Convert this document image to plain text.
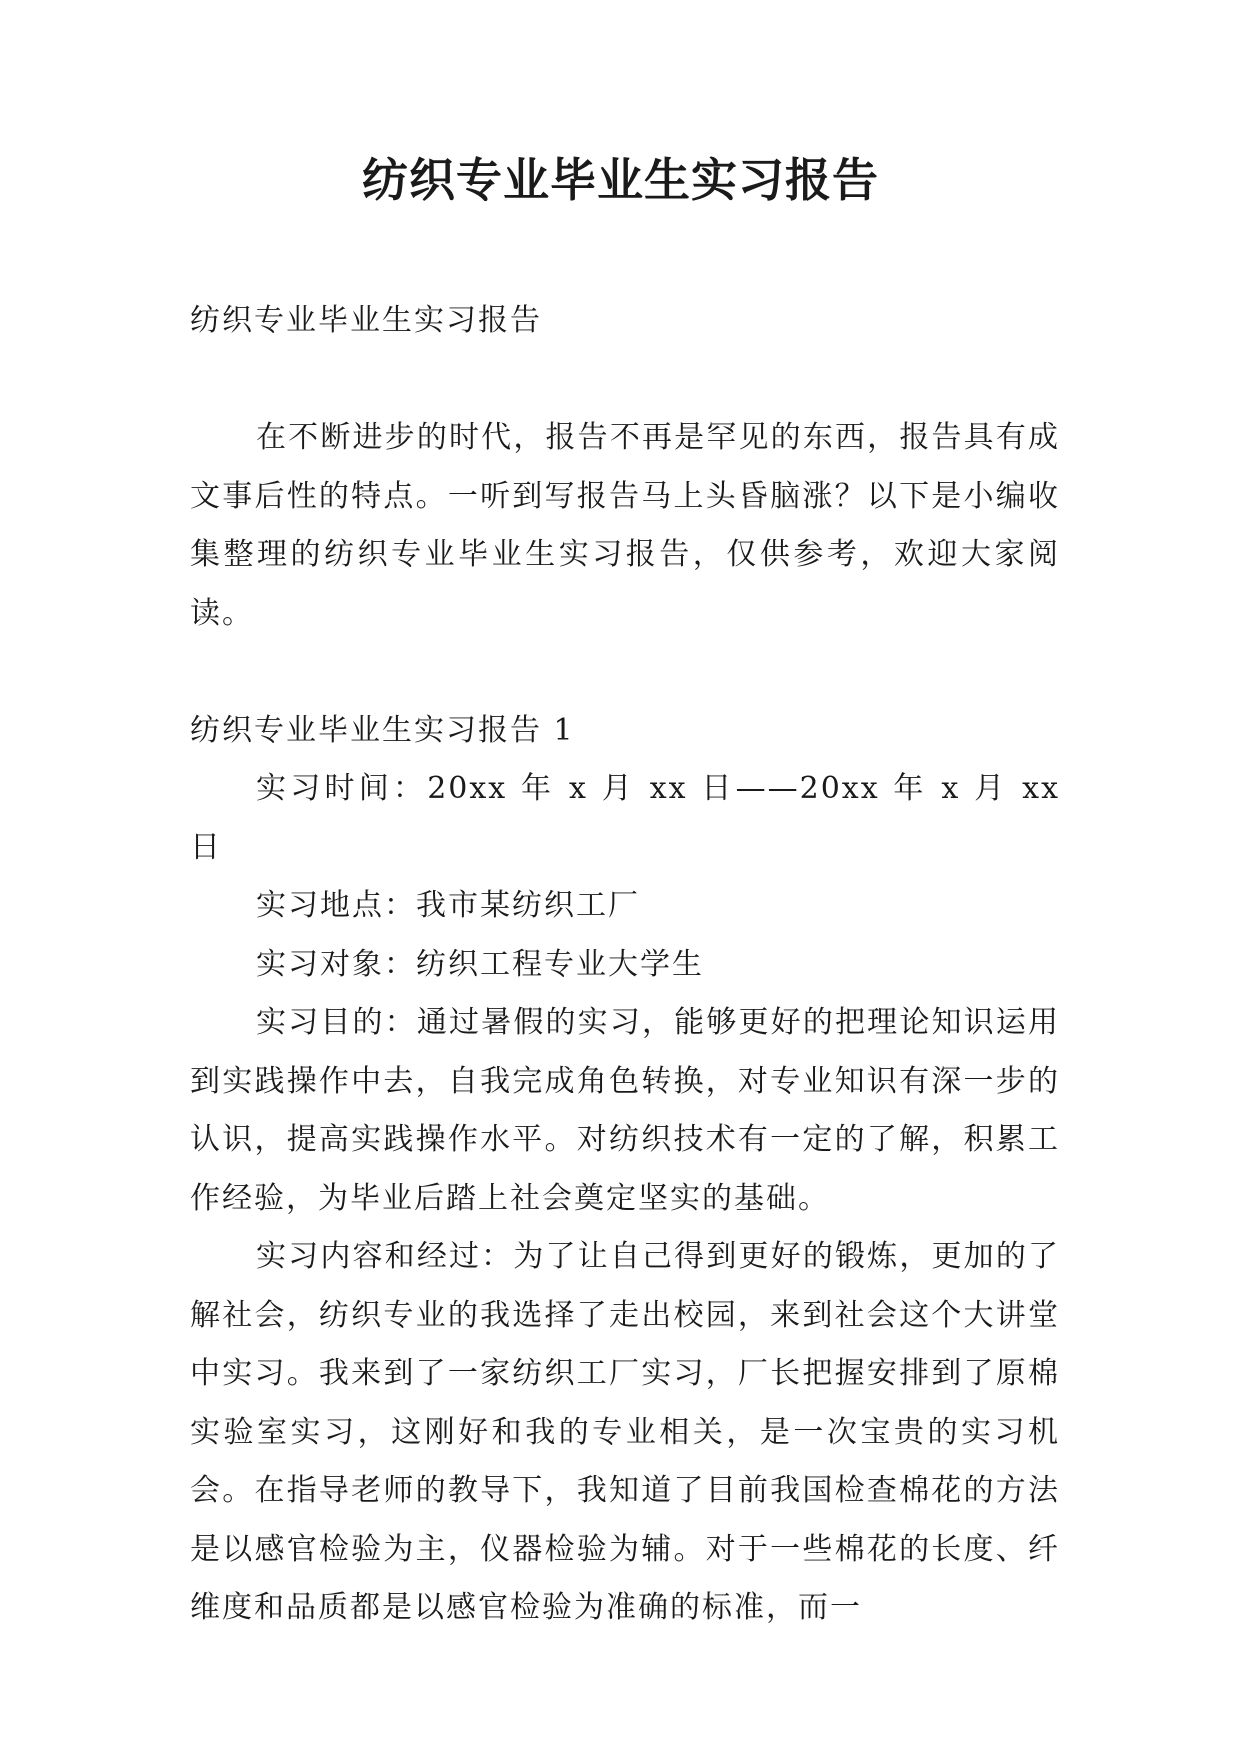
纺织专业毕业生实习报告

纺织专业毕业生实习报告

在不断进步的时代，报告不再是罕见的东西，报告具有成文事后性的特点。一听到写报告马上头昏脑涨？以下是小编收集整理的纺织专业毕业生实习报告，仅供参考，欢迎大家阅读。

纺织专业毕业生实习报告 1

实习时间：20xx 年 x 月 xx 日——20xx 年 x 月 xx 日

实习地点：我市某纺织工厂

实习对象：纺织工程专业大学生

实习目的：通过暑假的实习，能够更好的把理论知识运用到实践操作中去，自我完成角色转换，对专业知识有深一步的认识，提高实践操作水平。对纺织技术有一定的了解，积累工作经验，为毕业后踏上社会奠定坚实的基础。

实习内容和经过：为了让自己得到更好的锻炼，更加的了解社会，纺织专业的我选择了走出校园，来到社会这个大讲堂中实习。我来到了一家纺织工厂实习，厂长把握安排到了原棉实验室实习，这刚好和我的专业相关，是一次宝贵的实习机会。在指导老师的教导下，我知道了目前我国检查棉花的方法是以感官检验为主，仪器检验为辅。对于一些棉花的长度、纤维度和品质都是以感官检验为准确的标准，而一
